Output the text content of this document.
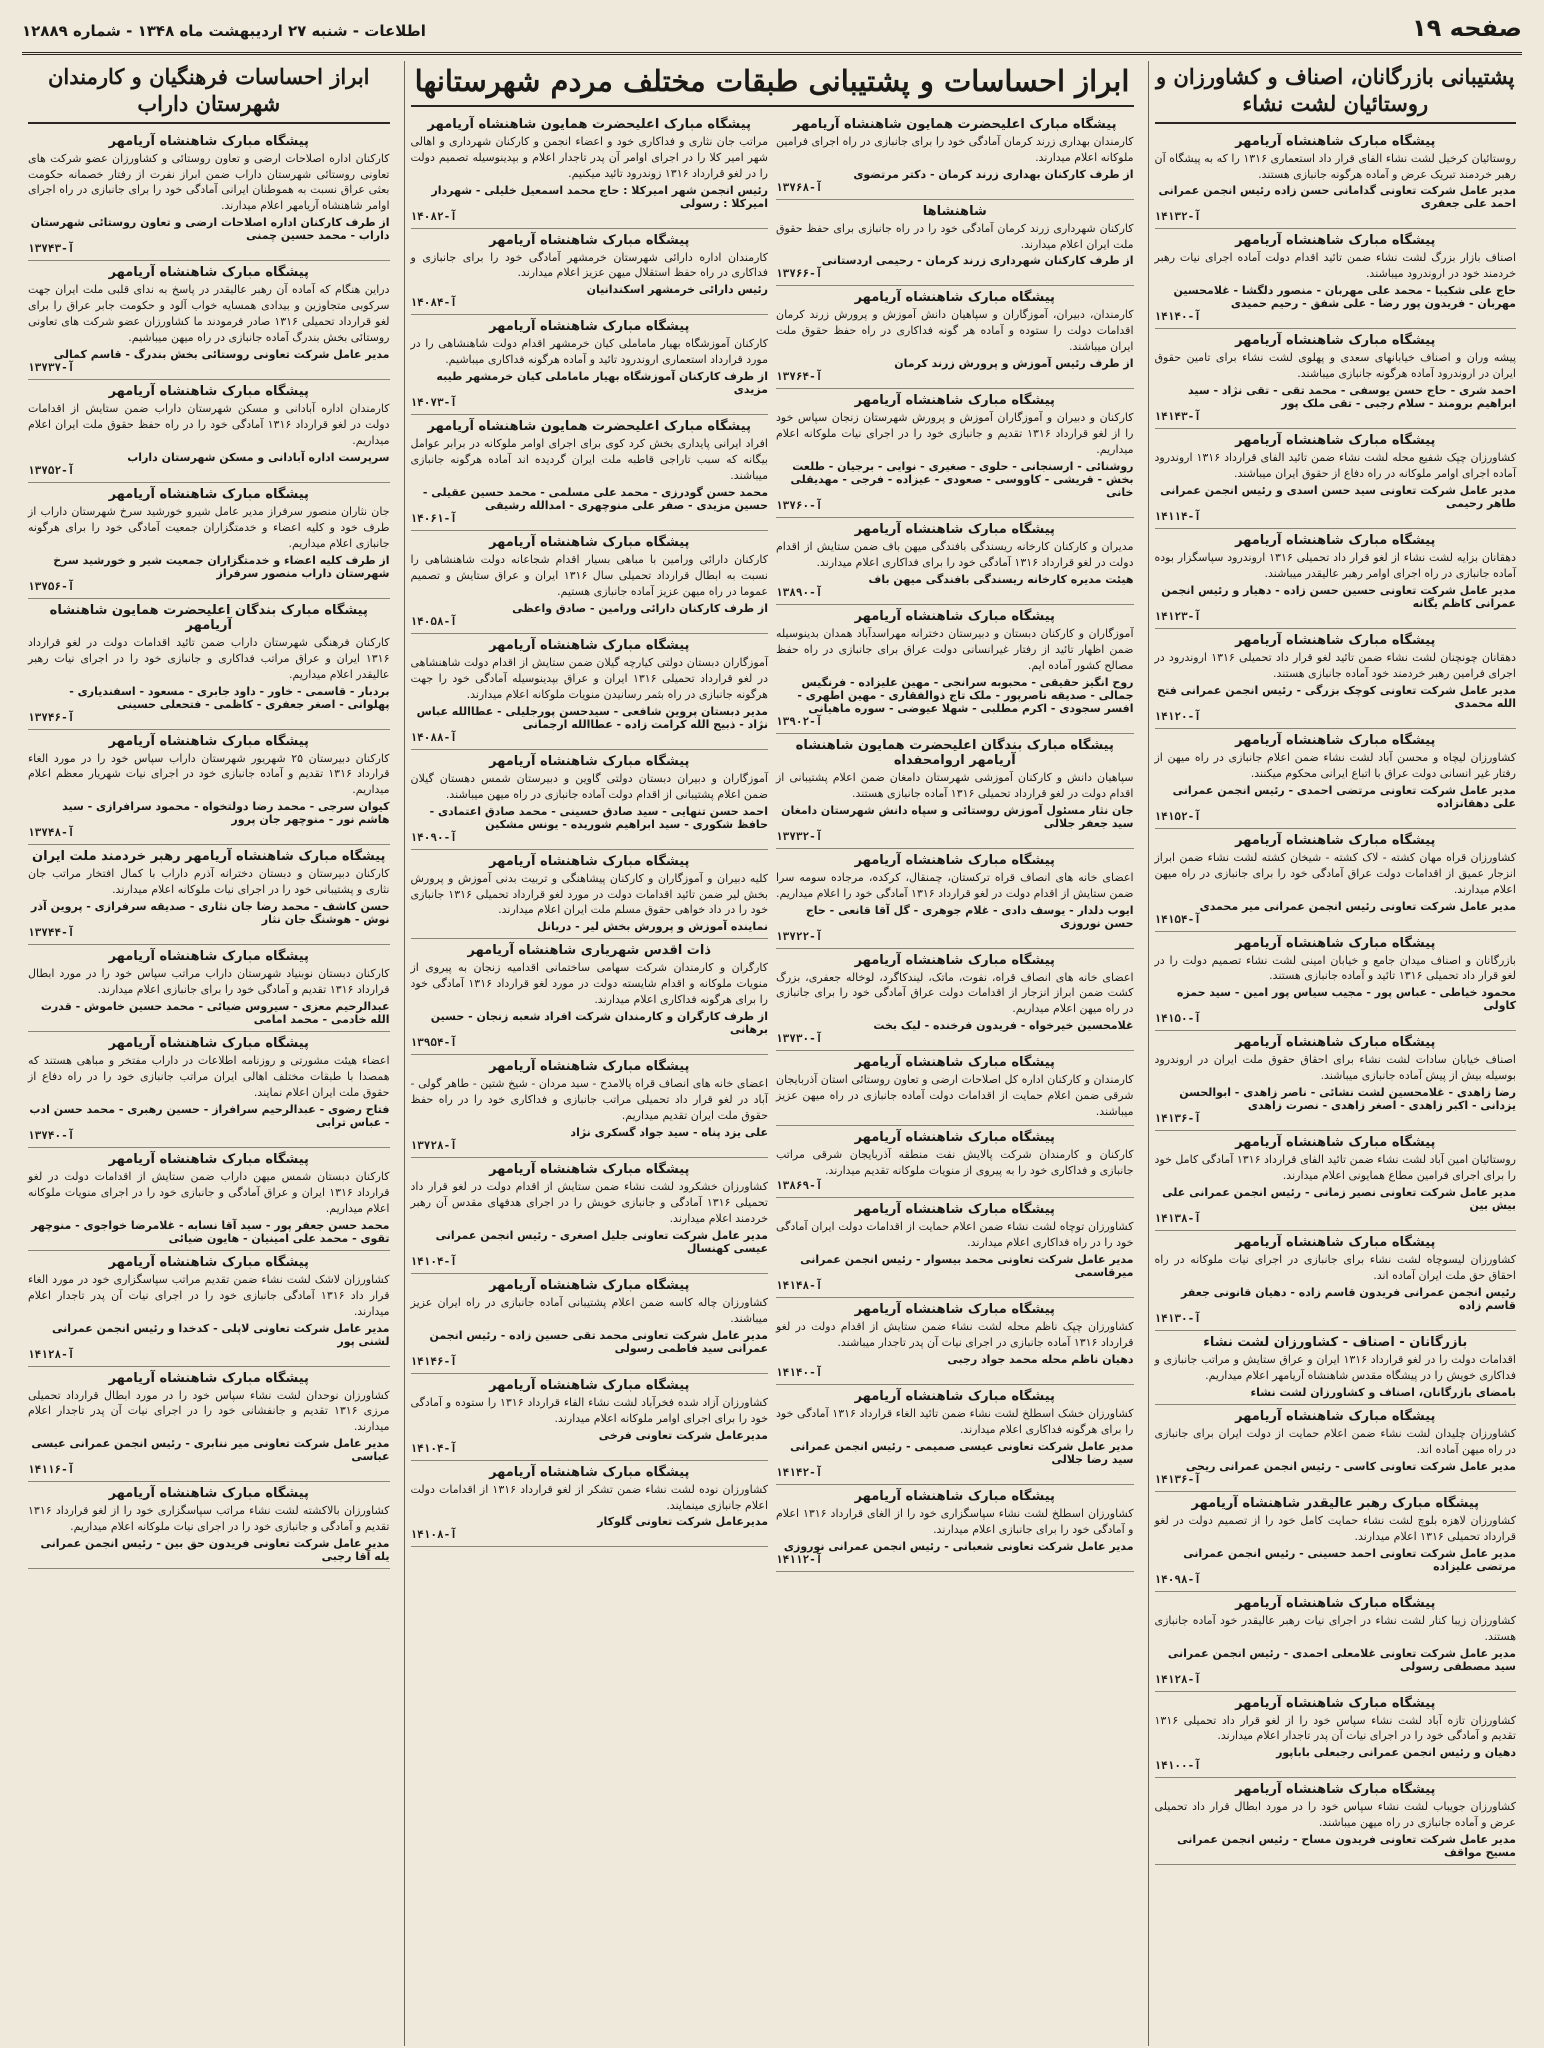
صفحه ۱۹
اطلاعات - شنبه ۲۷ اردیبهشت ماه ۱۳۴۸ - شماره ۱۲۸۸۹
پشتیبانی بازرگانان، اصناف و کشاورزان و روستائیان لشت نشاء
پیشگاه مبارک شاهنشاه آریامهر
روستائیان کرخیل لشت نشاء الفای قرار داد استعماری ۱۳۱۶ را که به پیشگاه آن رهبر خردمند تبریک عرض و آماده هرگونه جانبازی هستند.
مدیر عامل شرکت تعاونی گدامانی حسن زاده رئیس انجمن عمرانی احمد علی جعفری
آ-۱۴۱۳۲
پیشگاه مبارک شاهنشاه آریامهر
اصناف بازار بزرگ لشت نشاء ضمن تائید اقدام دولت آماده اجرای نیات رهبر خردمند خود در اروندرود میباشند.
حاج علی شکیبا - محمد علی مهربان - منصور دلگشا - غلامحسین مهربان - فریدون پور رضا - علی شفق - رحیم حمیدی
آ-۱۴۱۴۰
پیشگاه مبارک شاهنشاه آریامهر
پیشه وران و اصناف خیابانهای سعدی و پهلوی لشت نشاء برای تامین حقوق ایران در اروندرود آماده هرگونه جانبازی میباشند.
احمد شری - حاج حسن یوسفی - محمد تقی - تقی نژاد - سید ابراهیم برومند - سلام رجبی - تقی ملک پور
آ-۱۴۱۴۳
پیشگاه مبارک شاهنشاه آریامهر
کشاورزان چپک شفیع محله لشت نشاء ضمن تائید الفای قرارداد ۱۳۱۶ اروندرود آماده اجرای اوامر ملوکانه در راه دفاع از حقوق ایران میباشند.
مدیر عامل شرکت تعاونی سید حسن اسدی و رئیس انجمن عمرانی طاهر رحیمی
آ-۱۴۱۱۴
پیشگاه مبارک شاهنشاه آریامهر
دهقانان بزایه لشت نشاء از لغو قرار داد تحمیلی ۱۳۱۶ اروندرود سپاسگزار بوده آماده جانبازی در راه اجرای اوامر رهبر عالیقدر میباشند.
مدیر عامل شرکت تعاونی حسین حسن زاده - دهیار و رئیس انجمن عمرانی کاظم یگانه
آ-۱۴۱۲۳
پیشگاه مبارک شاهنشاه آریامهر
دهقانان چونچنان لشت نشاء ضمن تائید لغو قرار داد تحمیلی ۱۳۱۶ اروندرود در اجرای فرامین رهبر خردمند خود آماده جانبازی هستند.
مدیر عامل شرکت تعاونی کوچک بزرگی - رئیس انجمن عمرانی فتح الله محمدی
آ-۱۴۱۲۰
پیشگاه مبارک شاهنشاه آریامهر
کشاورزان لیچاه و محسن آباد لشت نشاء ضمن اعلام جانبازی در راه میهن از رفتار غیر انسانی دولت عراق با اتباع ایرانی محکوم میکنند.
مدیر عامل شرکت تعاونی مرتضی احمدی - رئیس انجمن عمرانی علی دهقانزاده
آ-۱۴۱۵۲
پیشگاه مبارک شاهنشاه آریامهر
کشاورزان قراه مهان کشته - لاک کشته - شیخان کشته لشت نشاء ضمن ابراز انزجار عمیق از اقدامات دولت عراق آمادگی خود را برای جانبازی در راه میهن اعلام میدارند.
مدیر عامل شرکت تعاونی رئیس انجمن عمرانی میر محمدی
آ-۱۴۱۵۴
پیشگاه مبارک شاهنشاه آریامهر
بازرگانان و اصناف میدان جامع و خیابان امینی لشت نشاء تصمیم دولت را در لغو قرار داد تحمیلی ۱۳۱۶ تائید و آماده جانبازی هستند.
محمود خیاطی - عباس پور - مجیب سیاس پور امین - سید حمزه کاولی
آ-۱۴۱۵۰
پیشگاه مبارک شاهنشاه آریامهر
اصناف خیابان سادات لشت نشاء برای احقاق حقوق ملت ایران در اروندرود بوسیله بیش از پیش آماده جانبازی میباشند.
رضا زاهدی - غلامحسین لشت نشائی - ناصر زاهدی - ابوالحسن یزدانی - اکبر زاهدی - اصغر زاهدی - نصرت زاهدی
آ-۱۴۱۳۶
پیشگاه مبارک شاهنشاه آریامهر
روستائیان امین آباد لشت نشاء ضمن تائید الفای قرارداد ۱۳۱۶ آمادگی کامل خود را برای اجرای فرامین مطاع همایونی اعلام میدارند.
مدیر عامل شرکت تعاونی نصیر زمانی - رئیس انجمن عمرانی علی بیش بین
آ-۱۴۱۳۸
پیشگاه مبارک شاهنشاه آریامهر
کشاورزان لیسوچاه لشت نشاء برای جانبازی در اجرای نیات ملوکانه در راه احقاق حق ملت ایران آماده اند.
رئیس انجمن عمرانی فریدون قاسم زاده - دهیان قانونی جعفر قاسم زاده
آ-۱۴۱۳۰
بازرگانان - اصناف - کشاورزان لشت نشاء
اقدامات دولت را در لغو قرارداد ۱۳۱۶ ایران و عراق ستایش و مراتب جانبازی و فداکاری خویش را در پیشگاه مقدس شاهنشاه آریامهر اعلام میداریم.
بامضای بازرگانان، اصناف و کشاورزان لشت نشاء
پیشگاه مبارک شاهنشاه آریامهر
کشاورزان چلیدان لشت نشاء ضمن اعلام حمایت از دولت ایران برای جانبازی در راه میهن آماده اند.
مدیر عامل شرکت تعاونی کاسی - رئیس انجمن عمرانی ریحی
آ-۱۴۱۳۶
پیشگاه مبارک رهبر عالیقدر شاهنشاه آریامهر
کشاورزان لاهزه بلوچ لشت نشاء حمایت کامل خود را از تصمیم دولت در لغو قرارداد تحمیلی ۱۳۱۶ اعلام میدارند.
مدیر عامل شرکت تعاونی احمد حسینی - رئیس انجمن عمرانی مرتضی علیزاده
آ-۱۴۰۹۸
پیشگاه مبارک شاهنشاه آریامهر
کشاورزان زیبا کنار لشت نشاء در اجرای نیات رهبر عالیقدر خود آماده جانبازی هستند.
مدیر عامل شرکت تعاونی غلامعلی احمدی - رئیس انجمن عمرانی سید مصطفی رسولی
آ-۱۴۱۲۸
پیشگاه مبارک شاهنشاه آریامهر
کشاورزان تازه آباد لشت نشاء سپاس خود را از لغو قرار داد تحمیلی ۱۳۱۶ تقدیم و آمادگی خود را در اجرای نیات آن پدر تاجدار اعلام میدارند.
دهیان و رئیس انجمن عمرانی رجبعلی باباپور
آ-۱۴۱۰۰
پیشگاه مبارک شاهنشاه آریامهر
کشاورزان جویباب لشت نشاء سپاس خود را در مورد ابطال قرار داد تحمیلی عرض و آماده جانبازی در راه میهن میباشند.
مدیر عامل شرکت تعاونی فریدون مساح - رئیس انجمن عمرانی مسیح مواقف
ابراز احساسات و پشتیبانی طبقات مختلف مردم شهرستانها
پیشگاه مبارک اعلیحضرت همایون شاهنشاه آریامهر
کارمندان بهداری زرند کرمان آمادگی خود را برای جانبازی در راه اجرای فرامین ملوکانه اعلام میدارند.
از طرف کارکنان بهداری زرند کرمان - دکتر مرتضوی
آ-۱۳۷۶۸
شاهنشاها
کارکنان شهرداری زرند کرمان آمادگی خود را در راه جانبازی برای حفظ حقوق ملت ایران اعلام میدارند.
از طرف کارکنان شهرداری زرند کرمان - رحیمی اردستانی
آ-۱۳۷۶۶
پیشگاه مبارک شاهنشاه آریامهر
کارمندان، دبیران، آموزگاران و سپاهیان دانش آموزش و پرورش زرند کرمان اقدامات دولت را ستوده و آماده هر گونه فداکاری در راه حفظ حقوق ملت ایران میباشند.
از طرف رئیس آموزش و پرورش زرند کرمان
آ-۱۳۷۶۴
پیشگاه مبارک شاهنشاه آریامهر
کارکنان و دبیران و آموزگاران آموزش و پرورش شهرستان زنجان سپاس خود را از لغو قرارداد ۱۳۱۶ تقدیم و جانبازی خود را در اجرای نیات ملوکانه اعلام میداریم.
روشنائی - ارسنجانی - حلوی - صغیری - نوایی - برجیان - طلعت بخش - قریشی - کاووسی - صعودی - عیزاده - فرجی - مهدیقلی خانی
آ-۱۳۷۶۰
پیشگاه مبارک شاهنشاه آریامهر
مدیران و کارکنان کارخانه ریسندگی بافندگی میهن باف ضمن ستایش از اقدام دولت در لغو قرارداد ۱۳۱۶ آمادگی خود را برای فداکاری اعلام میدارند.
هیئت مدیره کارخانه ریسندگی بافندگی میهن باف
آ-۱۳۸۹۰
پیشگاه مبارک شاهنشاه آریامهر
آموزگاران و کارکنان دبستان و دبیرستان دخترانه مهراسدآباد همدان بدینوسیله ضمن اظهار تائید از رفتار غیرانسانی دولت عراق برای جانبازی در راه حفظ مصالح کشور آماده ایم.
روح انگیز حقیقی - محبوبه سرانجی - مهین علیزاده - فرنگیس جمالی - صدیقه ناصرپور - ملک تاج ذوالفقاری - مهین اطهری - افسر سجودی - اکرم مطلبی - شهلا عیوضی - سوره ماهیانی
آ-۱۳۹۰۲
پیشگاه مبارک بندگان اعلیحضرت همایون شاهنشاه آریامهر اروامحفداه
سپاهیان دانش و کارکنان آموزشی شهرستان دامغان ضمن اعلام پشتیبانی از اقدام دولت در لغو قرارداد تحمیلی ۱۳۱۶ آماده جانبازی هستند.
جان نثار مسئول آموزش روستائی و سپاه دانش شهرستان دامغان سید جعفر جلالی
آ-۱۳۷۳۲
پیشگاه مبارک شاهنشاه آریامهر
اعضای خانه های انصاف قراه ترکستان، چمنقال، کرکده، مرجاده سومه سرا ضمن ستایش از اقدام دولت در لغو قرارداد ۱۳۱۶ آمادگی خود را اعلام میداریم.
ایوب دلدار - یوسف دادی - غلام جوهری - گل آقا قانعی - حاج حسن نوروزی
آ-۱۳۷۲۲
پیشگاه مبارک شاهنشاه آریامهر
اعضای خانه های انصاف قراه، نفوت، ماتک، لیندکاگرد، لوخاله جعفری، بزرگ کشت ضمن ابراز انزجار از اقدامات دولت عراق آمادگی خود را برای جانبازی در راه میهن اعلام میداریم.
غلامحسین خیرخواه - فریدون فرخنده - لیک بخت
آ-۱۳۷۳۰
پیشگاه مبارک شاهنشاه آریامهر
کارمندان و کارکنان اداره کل اصلاحات ارضی و تعاون روستائی استان آذربایجان شرقی ضمن اعلام حمایت از اقدامات دولت آماده جانبازی در راه میهن عزیز میباشند.
پیشگاه مبارک شاهنشاه آریامهر
کارکنان و کارمندان شرکت پالایش نفت منطقه آذربایجان شرقی مراتب جانبازی و فداکاری خود را به پیروی از منویات ملوکانه تقدیم میدارند.
آ-۱۳۸۶۹
پیشگاه مبارک شاهنشاه آریامهر
کشاورزان توچاه لشت نشاء ضمن اعلام حمایت از اقدامات دولت ایران آمادگی خود را در راه فداکاری اعلام میدارند.
مدیر عامل شرکت تعاونی محمد بیسوار - رئیس انجمن عمرانی میرقاسمی
آ-۱۴۱۴۸
پیشگاه مبارک شاهنشاه آریامهر
کشاورزان چپک ناظم محله لشت نشاء ضمن ستایش از اقدام دولت در لغو قرارداد ۱۳۱۶ آماده جانبازی در اجرای نیات آن پدر تاجدار میباشند.
دهیان ناظم محله محمد جواد رجبی
آ-۱۴۱۴۰
پیشگاه مبارک شاهنشاه آریامهر
کشاورزان خشک اسطلخ لشت نشاء ضمن تائید الغاء قرارداد ۱۳۱۶ آمادگی خود را برای هرگونه فداکاری اعلام میدارند.
مدیر عامل شرکت تعاونی عیسی صمیمی - رئیس انجمن عمرانی سید رضا جلالی
آ-۱۴۱۴۲
پیشگاه مبارک شاهنشاه آریامهر
کشاورزان اسطلخ لشت نشاء سپاسگزاری خود را از الغای قرارداد ۱۳۱۶ اعلام و آمادگی خود را برای جانبازی اعلام میدارند.
مدیر عامل شرکت تعاونی شعبانی - رئیس انجمن عمرانی نوروزی
آ-۱۴۱۱۲
پیشگاه مبارک اعلیحضرت همایون شاهنشاه آریامهر
مراتب جان نثاری و فداکاری خود و اعضاء انجمن و کارکنان شهرداری و اهالی شهر امیر کلا را در اجرای اوامر آن پدر تاجدار اعلام و بپدینوسیله تصمیم دولت را در لغو قرارداد ۱۳۱۶ زوندرود تائید میکنیم.
رئیس انجمن شهر امیرکلا : حاج محمد اسمعیل خلیلی - شهردار امیرکلا : رسولی
آ-۱۴۰۸۲
پیشگاه مبارک شاهنشاه آریامهر
کارمندان اداره دارائی شهرستان خرمشهر آمادگی خود را برای جانبازی و فداکاری در راه حفظ استقلال میهن عزیز اعلام میدارند.
رئیس دارائی خرمشهر اسکندانیان
آ-۱۴۰۸۴
پیشگاه مبارک شاهنشاه آریامهر
کارکنان آموزشگاه بهیار ماماملی کیان خرمشهر اقدام دولت شاهنشاهی را در مورد قرارداد استعماری اروندرود تائید و آماده هرگونه فداکاری میباشیم.
از طرف کارکنان آموزشگاه بهیار ماماملی کیان خرمشهر طیبه مزیدی
آ-۱۴۰۷۳
پیشگاه مبارک اعلیحضرت همایون شاهنشاه آریامهر
افراد ایرانی پایداری بخش کرد کوی برای اجرای اوامر ملوکانه در برابر عوامل بیگانه که سبب تاراجی قاطبه ملت ایران گردیده اند آماده هرگونه جانبازی میباشند.
محمد حسن گودرزی - محمد علی مسلمی - محمد حسین عقیلی - حسین مزیدی - صفر علی منوچهری - امدالله رشیقی
آ-۱۴۰۶۱
پیشگاه مبارک شاهنشاه آریامهر
کارکنان دارائی ورامین با مباهی بسیار اقدام شجاعانه دولت شاهنشاهی را نسبت به ابطال قرارداد تحمیلی سال ۱۳۱۶ ایران و عراق ستایش و تصمیم عموما در راه میهن عزیز آماده جانبازی هستیم.
از طرف کارکنان دارائی ورامین - صادق واعظی
آ-۱۴۰۵۸
پیشگاه مبارک شاهنشاه آریامهر
آموزگاران دبستان دولتی کیارچه گیلان ضمن ستایش از اقدام دولت شاهنشاهی در لغو قرارداد تحمیلی ۱۳۱۶ ایران و عراق بپدینوسیله آمادگی خود را جهت هرگونه جانبازی در راه بثمر رسانیدن منویات ملوکانه اعلام میدارند.
مدیر دبستان پروین شافعی - سیدحسن پورجلیلی - عطاالله عباس نژاد - ذبیح الله کرامت زاده - عطاالله ارجمانی
آ-۱۴۰۸۸
پیشگاه مبارک شاهنشاه آریامهر
آموزگاران و دبیران دبستان دولتی گاوین و دبیرستان شمس دهستان گیلان ضمن اعلام پشتیبانی از اقدام دولت آماده جانبازی در راه میهن میباشند.
احمد حسن تنهایی - سید صادق حسینی - محمد صادق اعتمادی - حافظ شکوری - سید ابراهیم شوریده - یونس مشکین
آ-۱۴۰۹۰
پیشگاه مبارک شاهنشاه آریامهر
کلیه دبیران و آموزگاران و کارکنان پیشاهنگی و تربیت بدنی آموزش و پرورش بخش لیر ضمن تائید اقدامات دولت در مورد لغو قرارداد تحمیلی ۱۳۱۶ جانبازی خود را در داد خواهی حقوق مسلم ملت ایران اعلام میدارند.
نماینده آموزش و پرورش بخش لیر - دریانل
ذات اقدس شهریاری شاهنشاه آریامهر
کارگران و کارمندان شرکت سهامی ساختمانی اقدامیه زنجان به پیروی از منویات ملوکانه و اقدام شایسته دولت در مورد لغو قرارداد ۱۳۱۶ آمادگی خود را برای هرگونه فداکاری اعلام میدارند.
از طرف کارگران و کارمندان شرکت افراد شعبه زنجان - حسین برهانی
آ-۱۳۹۵۴
پیشگاه مبارک شاهنشاه آریامهر
اعضای خانه های انصاف قراه یالامدح - سید مردان - شیخ شتین - طاهر گولی - آباد در لغو قرار داد تحمیلی مراتب جانبازی و فداکاری خود را در راه حفظ حقوق ملت ایران تقدیم میداریم.
علی یزد پناه - سید جواد گسکری نژاد
آ-۱۳۷۲۸
پیشگاه مبارک شاهنشاه آریامهر
کشاورزان خشکرود لشت نشاء ضمن ستایش از اقدام دولت در لغو قرار داد تحمیلی ۱۳۱۶ آمادگی و جانبازی خویش را در اجرای هدفهای مقدس آن رهبر خردمند اعلام میدارند.
مدیر عامل شرکت تعاونی جلیل اصغری - رئیس انجمن عمرانی عیسی کهنسال
آ-۱۴۱۰۴
پیشگاه مبارک شاهنشاه آریامهر
کشاورزان چاله کاسه ضمن اعلام پشتیبانی آماده جانبازی در راه ایران عزیز میباشند.
مدیر عامل شرکت تعاونی محمد تقی حسین زاده - رئیس انجمن عمرانی سید فاطمی رسولی
آ-۱۴۱۴۶
پیشگاه مبارک شاهنشاه آریامهر
کشاورزان آزاد شده فخرآباد لشت نشاء الفاء قرارداد ۱۳۱۶ را ستوده و آمادگی خود را برای اجرای اوامر ملوکانه اعلام میدارند.
مدیرعامل شرکت تعاونی فرخی
آ-۱۴۱۰۴
پیشگاه مبارک شاهنشاه آریامهر
کشاورزان نوده لشت نشاء ضمن تشکر از لغو قرارداد ۱۳۱۶ از اقدامات دولت اعلام جانبازی مینمایند.
مدیرعامل شرکت تعاونی گلوکار
آ-۱۴۱۰۸
ابراز احساسات فرهنگیان و کارمندان شهرستان داراب
پیشگاه مبارک شاهنشاه آریامهر
کارکنان اداره اصلاحات ارضی و تعاون روستائی و کشاورزان عضو شرکت های تعاونی روستائی شهرستان داراب ضمن ابراز نفرت از رفتار خصمانه حکومت بعثی عراق نسبت به هموطنان ایرانی آمادگی خود را برای جانبازی در راه اجرای اوامر شاهنشاه آریامهر اعلام میدارند.
از طرف کارکنان اداره اصلاحات ارضی و تعاون روستائی شهرستان داراب - محمد حسین چمنی
آ-۱۳۷۴۳
پیشگاه مبارک شاهنشاه آریامهر
دراین هنگام که آماده آن رهبر عالیقدر در پاسخ به ندای قلبی ملت ایران جهت سرکوبی متجاوزین و بیدادی همسایه خواب آلود و حکومت جابر عراق را برای لغو قرارداد تحمیلی ۱۳۱۶ صادر فرمودند ما کشاورزان عضو شرکت های تعاونی روستائی بخش بندرگ آماده جانبازی در راه میهن میباشیم.
مدیر عامل شرکت تعاونی روستائی بخش بندرگ - قاسم کمالی
آ-۱۳۷۳۷
پیشگاه مبارک شاهنشاه آریامهر
کارمندان اداره آبادانی و مسکن شهرستان داراب ضمن ستایش از اقدامات دولت در لغو قرارداد ۱۳۱۶ آمادگی خود را در راه حفظ حقوق ملت ایران اعلام میداریم.
سرپرست اداره آبادانی و مسکن شهرستان داراب
آ-۱۳۷۵۲
پیشگاه مبارک شاهنشاه آریامهر
جان نثاران منصور سرفراز مدیر عامل شیرو خورشید سرخ شهرستان داراب از طرف خود و کلیه اعضاء و خدمتگزاران جمعیت آمادگی خود را برای هرگونه جانبازی اعلام میداریم.
از طرف کلیه اعضاء و خدمتگزاران جمعیت شیر و خورشید سرخ شهرستان داراب منصور سرفراز
آ-۱۳۷۵۶
پیشگاه مبارک بندگان اعلیحضرت همایون شاهنشاه آریامهر
کارکنان فرهنگی شهرستان داراب ضمن تائید اقدامات دولت در لغو قرارداد ۱۳۱۶ ایران و عراق مراتب فداکاری و جانبازی خود را در اجرای نیات رهبر عالیقدر اعلام میداریم.
بردبار - قاسمی - خاور - داود جابری - مسعود - اسفندیاری - پهلوانی - اصغر جعفری - کاظمی - فتحعلی حسینی
آ-۱۳۷۴۶
پیشگاه مبارک شاهنشاه آریامهر
کارکنان دبیرستان ۲۵ شهریور شهرستان داراب سپاس خود را در مورد الغاء قرارداد ۱۳۱۶ تقدیم و آماده جانبازی خود در اجرای نیات شهریار معظم اعلام میداریم.
کیوان سرجی - محمد رضا دولتخواه - محمود سرافرازی - سید هاشم نور - منوچهر جان پرور
آ-۱۳۷۴۸
پیشگاه مبارک شاهنشاه آریامهر رهبر خردمند ملت ایران
کارکنان دبیرستان و دبستان دخترانه آذرم داراب با کمال افتخار مراتب جان نثاری و پشتیبانی خود را در اجرای نیات ملوکانه اعلام میدارند.
حسن کاشف - محمد رضا جان نثاری - صدیقه سرفرازی - پروین آذر نوش - هوشنگ جان نثار
آ-۱۳۷۴۴
پیشگاه مبارک شاهنشاه آریامهر
کارکنان دبستان نوبنیاد شهرستان داراب مراتب سپاس خود را در مورد ابطال قرارداد ۱۳۱۶ تقدیم و آمادگی خود را برای جانبازی اعلام میدارند.
عبدالرحیم معزی - سیروس ضیائی - محمد حسین خاموش - قدرت الله خادمی - محمد امامی
پیشگاه مبارک شاهنشاه آریامهر
اعضاء هیئت مشورتی و روزنامه اطلاعات در داراب مفتخر و مباهی هستند که همصدا با طبقات مختلف اهالی ایران مراتب جانبازی خود را در راه دفاع از حقوق ملت ایران اعلام نمایند.
فتاح رضوی - عبدالرحیم سرافراز - حسین رهبری - محمد حسن ادب - عباس ترابی
آ-۱۳۷۴۰
پیشگاه مبارک شاهنشاه آریامهر
کارکنان دبستان شمس میهن داراب ضمن ستایش از اقدامات دولت در لغو قرارداد ۱۳۱۶ ایران و عراق آمادگی و جانبازی خود را در اجرای منویات ملوکانه اعلام میداریم.
محمد حسن جعفر پور - سید آقا نسابه - غلامرضا خواجوی - منوچهر تقوی - محمد علی امینیان - هایون ضیائی
پیشگاه مبارک شاهنشاه آریامهر
کشاورزان لاشک لشت نشاء ضمن تقدیم مراتب سپاسگزاری خود در مورد الغاء قرار داد ۱۳۱۶ آمادگی جانبازی خود را در اجرای نیات آن پدر تاجدار اعلام میدارند.
مدیر عامل شرکت تعاونی لاپلی - کدخدا و رئیس انجمن عمرانی لشنی پور
آ-۱۴۱۲۸
پیشگاه مبارک شاهنشاه آریامهر
کشاورزان نوحدان لشت نشاء سپاس خود را در مورد ابطال قرارداد تحمیلی مرزی ۱۳۱۶ تقدیم و جانفشانی خود را در اجرای نیات آن پدر تاجدار اعلام میدارند.
مدیر عامل شرکت تعاونی میر ننابری - رئیس انجمن عمرانی عیسی عباسی
آ-۱۴۱۱۶
پیشگاه مبارک شاهنشاه آریامهر
کشاورزان بالاکشته لشت نشاء مراتب سپاسگزاری خود را از لغو قرارداد ۱۳۱۶ تقدیم و آمادگی و جانبازی خود را در اجرای نیات ملوکانه اعلام میداریم.
مدیر عامل شرکت تعاونی فریدون حق بین - رئیس انجمن عمرانی یله آقا رجبی
